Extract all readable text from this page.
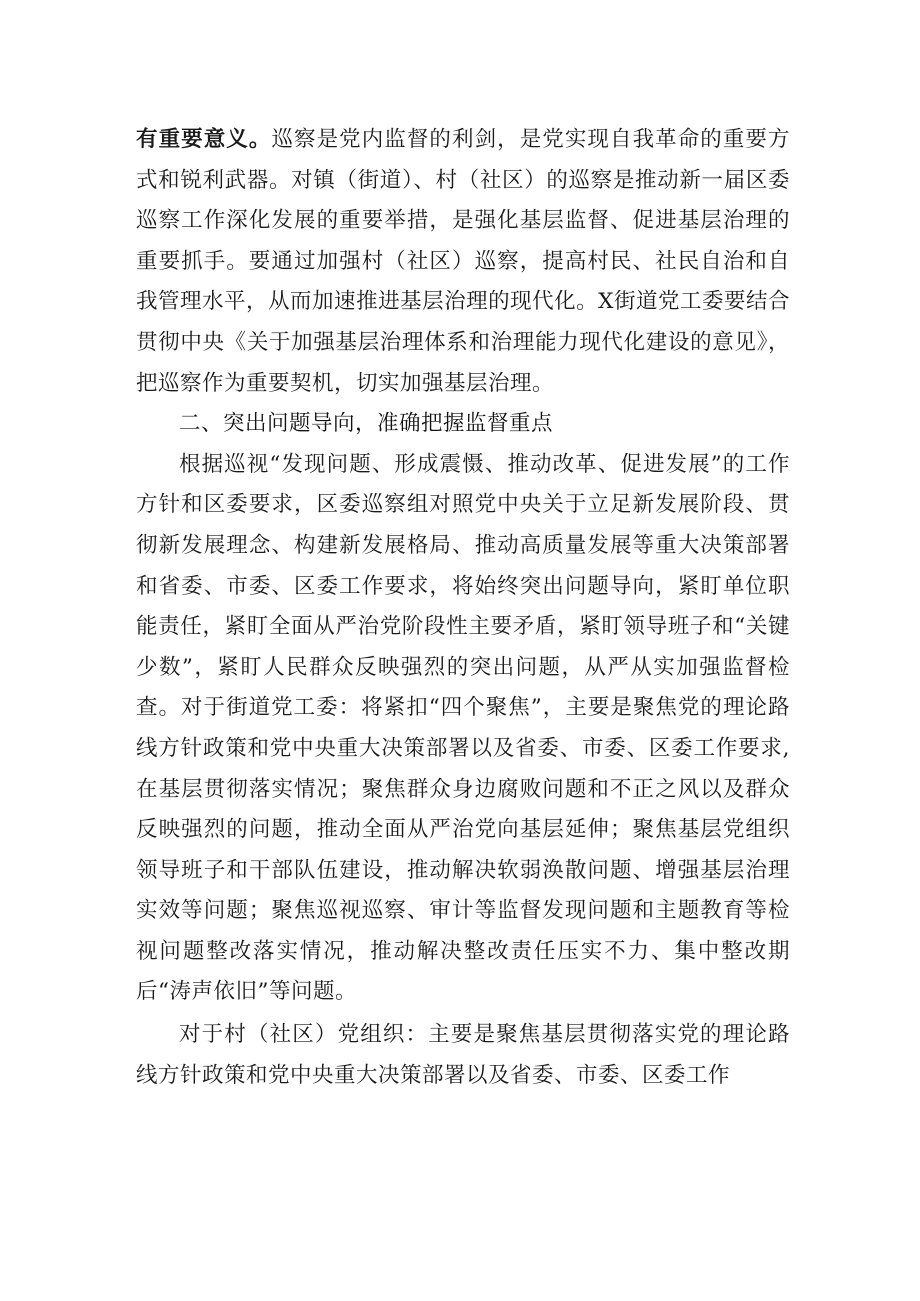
有重要意义。巡察是党内监督的利剑，是党实现自我革命的重要方式和锐利武器。对镇（街道）、村（社区）的巡察是推动新一届区委巡察工作深化发展的重要举措，是强化基层监督、促进基层治理的重要抓手。要通过加强村（社区）巡察，提高村民、社民自治和自我管理水平，从而加速推进基层治理的现代化。X街道党工委要结合贯彻中央《关于加强基层治理体系和治理能力现代化建设的意见》，把巡察作为重要契机，切实加强基层治理。

二、突出问题导向，准确把握监督重点

根据巡视“发现问题、形成震慑、推动改革、促进发展”的工作方针和区委要求，区委巡察组对照党中央关于立足新发展阶段、贯彻新发展理念、构建新发展格局、推动高质量发展等重大决策部署和省委、市委、区委工作要求，将始终突出问题导向，紧盯单位职能责任，紧盯全面从严治党阶段性主要矛盾，紧盯领导班子和“关键少数”，紧盯人民群众反映强烈的突出问题，从严从实加强监督检查。对于街道党工委：将紧扣“四个聚焦”，主要是聚焦党的理论路线方针政策和党中央重大决策部署以及省委、市委、区委工作要求,在基层贯彻落实情况；聚焦群众身边腐败问题和不正之风以及群众反映强烈的问题，推动全面从严治党向基层延伸；聚焦基层党组织领导班子和干部队伍建设，推动解决软弱涣散问题、增强基层治理实效等问题；聚焦巡视巡察、审计等监督发现问题和主题教育等检视问题整改落实情况，推动解决整改责任压实不力、集中整改期后“涛声依旧”等问题。

对于村（社区）党组织：主要是聚焦基层贯彻落实党的理论路线方针政策和党中央重大决策部署以及省委、市委、区委工作
